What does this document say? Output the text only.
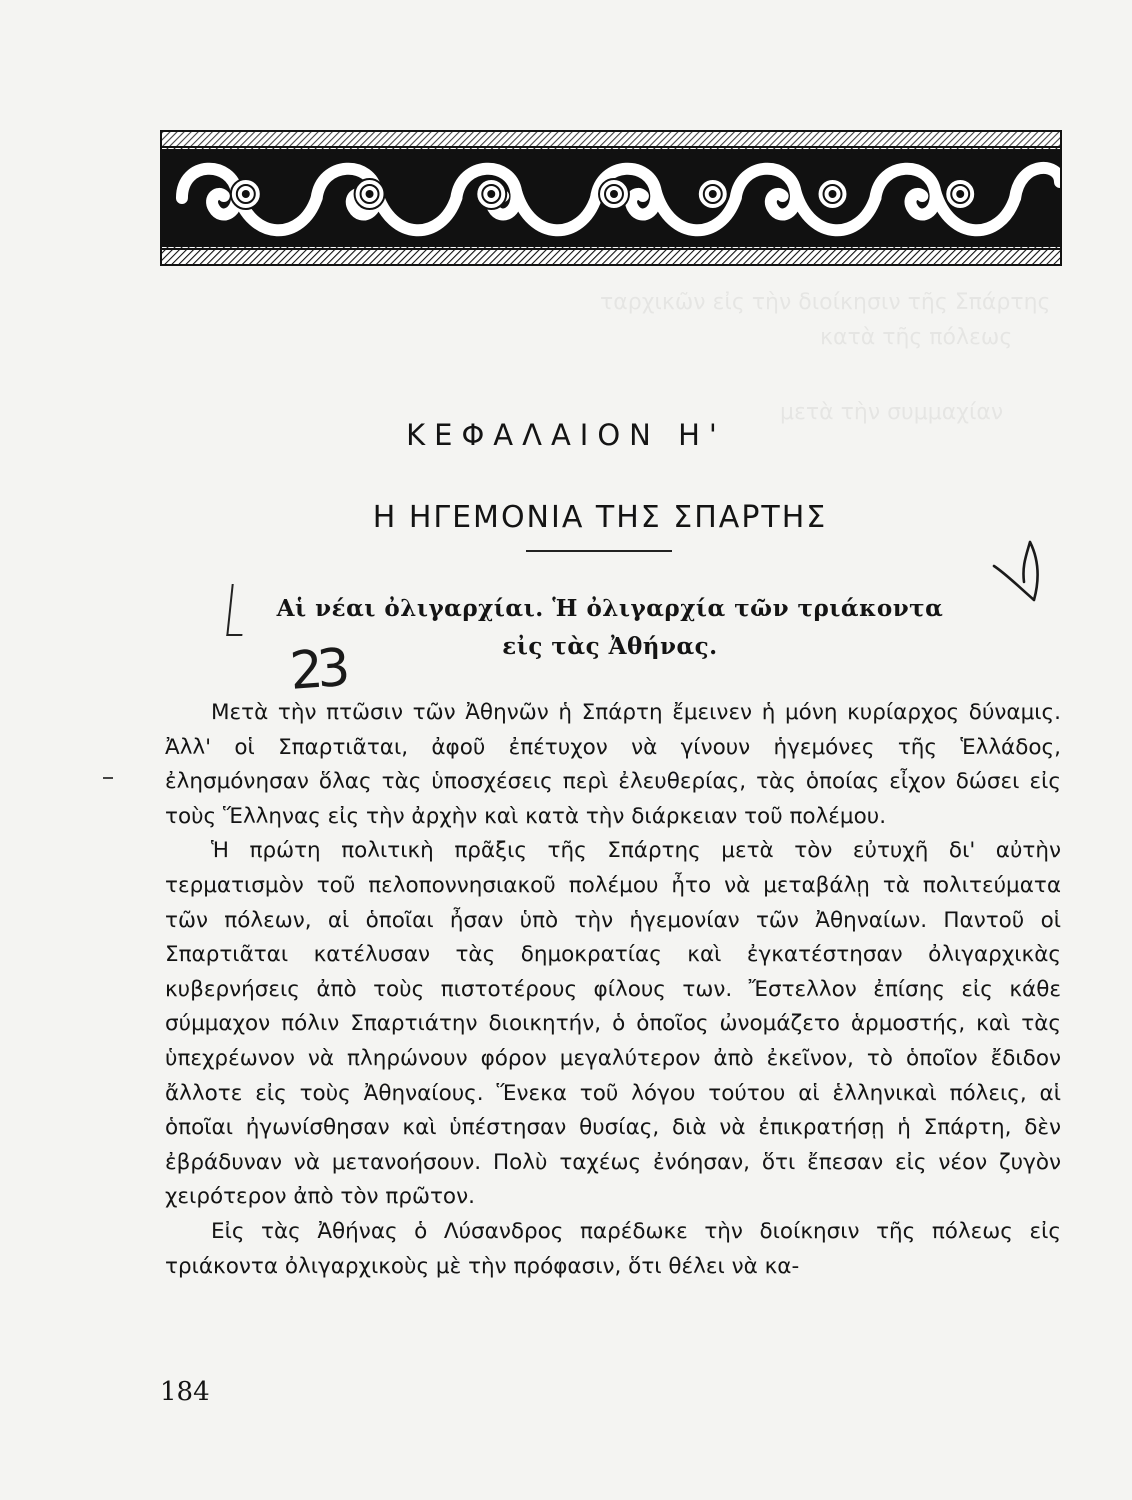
ταρχικῶν εἰς τὴν διοίκησιν τῆς Σπάρτης
κατὰ τῆς πόλεως
μετὰ τὴν συμμαχίαν
ΚΕΦΑΛΑΙΟΝ Η'
Η ΗΓΕΜΟΝΙΑ ΤΗΣ ΣΠΑΡΤΗΣ
Αἱ νέαι ὀλιγαρχίαι. Ἡ ὀλιγαρχία τῶν τριάκοντα
εἰς τὰς Ἀθήνας.
23

Μετὰ τὴν πτῶσιν τῶν Ἀθηνῶν ἡ Σπάρτη ἔμεινεν ἡ μόνη κυρίαρχος δύναμις. Ἀλλ' οἱ Σπαρτιᾶται, ἀφοῦ ἐπέτυχον νὰ γίνουν ἡγεμόνες τῆς Ἑλλάδος, ἐλησμόνησαν ὅλας τὰς ὑποσχέσεις περὶ ἐλευθερίας, τὰς ὁποίας εἶχον δώσει εἰς τοὺς Ἕλληνας εἰς τὴν ἀρχὴν καὶ κατὰ τὴν διάρκειαν τοῦ πολέμου.

Ἡ πρώτη πολιτικὴ πρᾶξις τῆς Σπάρτης μετὰ τὸν εὐτυχῆ δι' αὐτὴν τερματισμὸν τοῦ πελοποννησιακοῦ πολέμου ἦτο νὰ μεταβάλῃ τὰ πολιτεύματα τῶν πόλεων, αἱ ὁποῖαι ἦσαν ὑπὸ τὴν ἡγεμονίαν τῶν Ἀθηναίων. Παντοῦ οἱ Σπαρτιᾶται κατέλυσαν τὰς δημοκρατίας καὶ ἐγκατέστησαν ὀλιγαρχικὰς κυβερνήσεις ἀπὸ τοὺς πιστοτέρους φίλους των. Ἔστελλον ἐπίσης εἰς κάθε σύμμαχον πόλιν Σπαρτιάτην διοικητήν, ὁ ὁποῖος ὠνομάζετο ἁρμοστής, καὶ τὰς ὑπεχρέωνον νὰ πληρώνουν φόρον μεγαλύτερον ἀπὸ ἐκεῖνον, τὸ ὁποῖον ἔδιδον ἄλλοτε εἰς τοὺς Ἀθηναίους. Ἕνεκα τοῦ λόγου τούτου αἱ ἑλληνικαὶ πόλεις, αἱ ὁποῖαι ἠγωνίσθησαν καὶ ὑπέστησαν θυσίας, διὰ νὰ ἐπικρατήσῃ ἡ Σπάρτη, δὲν ἐβράδυναν νὰ μετανοήσουν. Πολὺ ταχέως ἐνόησαν, ὅτι ἔπεσαν εἰς νέον ζυγὸν χειρότερον ἀπὸ τὸν πρῶτον.

Εἰς τὰς Ἀθήνας ὁ Λύσανδρος παρέδωκε τὴν διοίκησιν τῆς πόλεως εἰς τριάκοντα ὀλιγαρχικοὺς μὲ τὴν πρόφασιν, ὅτι θέλει νὰ κα-

184
